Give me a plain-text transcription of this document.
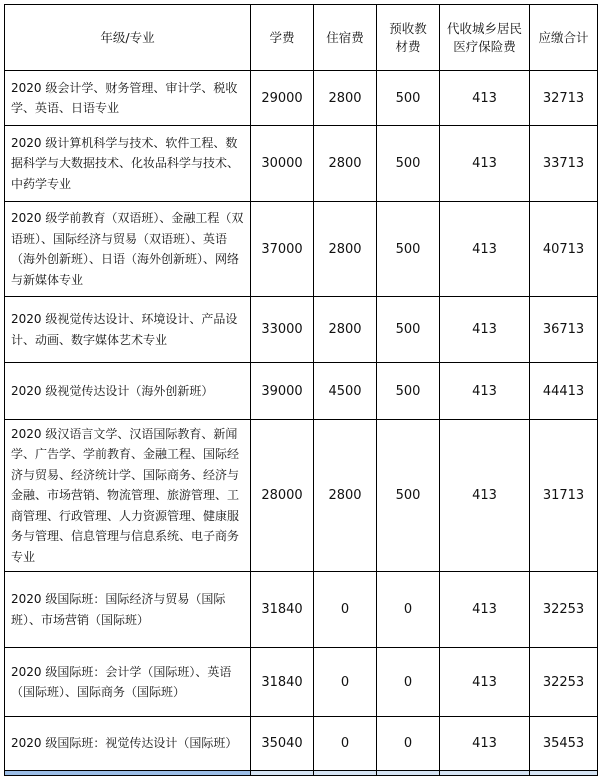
年级/专业	学费	住宿费	预收教材费	代收城乡居民医疗保险费	应缴合计
2020 级会计学、财务管理、审计学、税收学、英语、日语专业	29000	2800	500	413	32713
2020 级计算机科学与技术、软件工程、数据科学与大数据技术、化妆品科学与技术、中药学专业	30000	2800	500	413	33713
2020 级学前教育（双语班）、金融工程（双语班）、国际经济与贸易（双语班）、英语（海外创新班）、日语（海外创新班）、网络与新媒体专业	37000	2800	500	413	40713
2020 级视觉传达设计、环境设计、产品设计、动画、数字媒体艺术专业	33000	2800	500	413	36713
2020 级视觉传达设计（海外创新班）	39000	4500	500	413	44413
2020 级汉语言文学、汉语国际教育、新闻学、广告学、学前教育、金融工程、国际经济与贸易、经济统计学、国际商务、经济与金融、市场营销、物流管理、旅游管理、工商管理、行政管理、人力资源管理、健康服务与管理、信息管理与信息系统、电子商务专业	28000	2800	500	413	31713
2020 级国际班：国际经济与贸易（国际班）、市场营销（国际班）	31840	0	0	413	32253
2020 级国际班：会计学（国际班）、英语（国际班）、国际商务（国际班）	31840	0	0	413	32253
2020 级国际班：视觉传达设计（国际班）	35040	0	0	413	35453
